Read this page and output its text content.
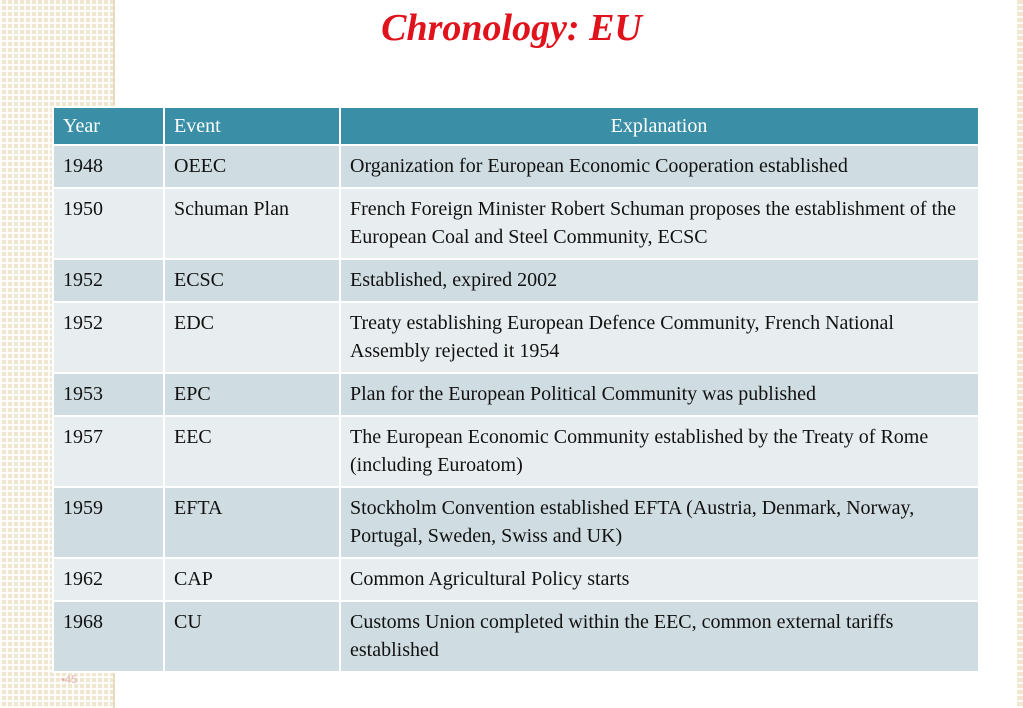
Chronology: EU
Year	Event	Explanation
1948	OEEC	Organization for European Economic Cooperation established
1950	Schuman Plan	French Foreign Minister Robert Schuman proposes the establishment of the European Coal and Steel Community, ECSC
1952	ECSC	Established, expired 2002
1952	EDC	Treaty establishing European Defence Community, French National Assembly rejected it 1954
1953	EPC	Plan for the European Political Community was published
1957	EEC	The European Economic Community established by the Treaty of Rome (including Euroatom)
1959	EFTA	Stockholm Convention established EFTA (Austria, Denmark, Norway, Portugal, Sweden, Swiss and UK)
1962	CAP	Common Agricultural Policy starts
1968	CU	Customs Union completed within the EEC, common external tariffs established
•45
